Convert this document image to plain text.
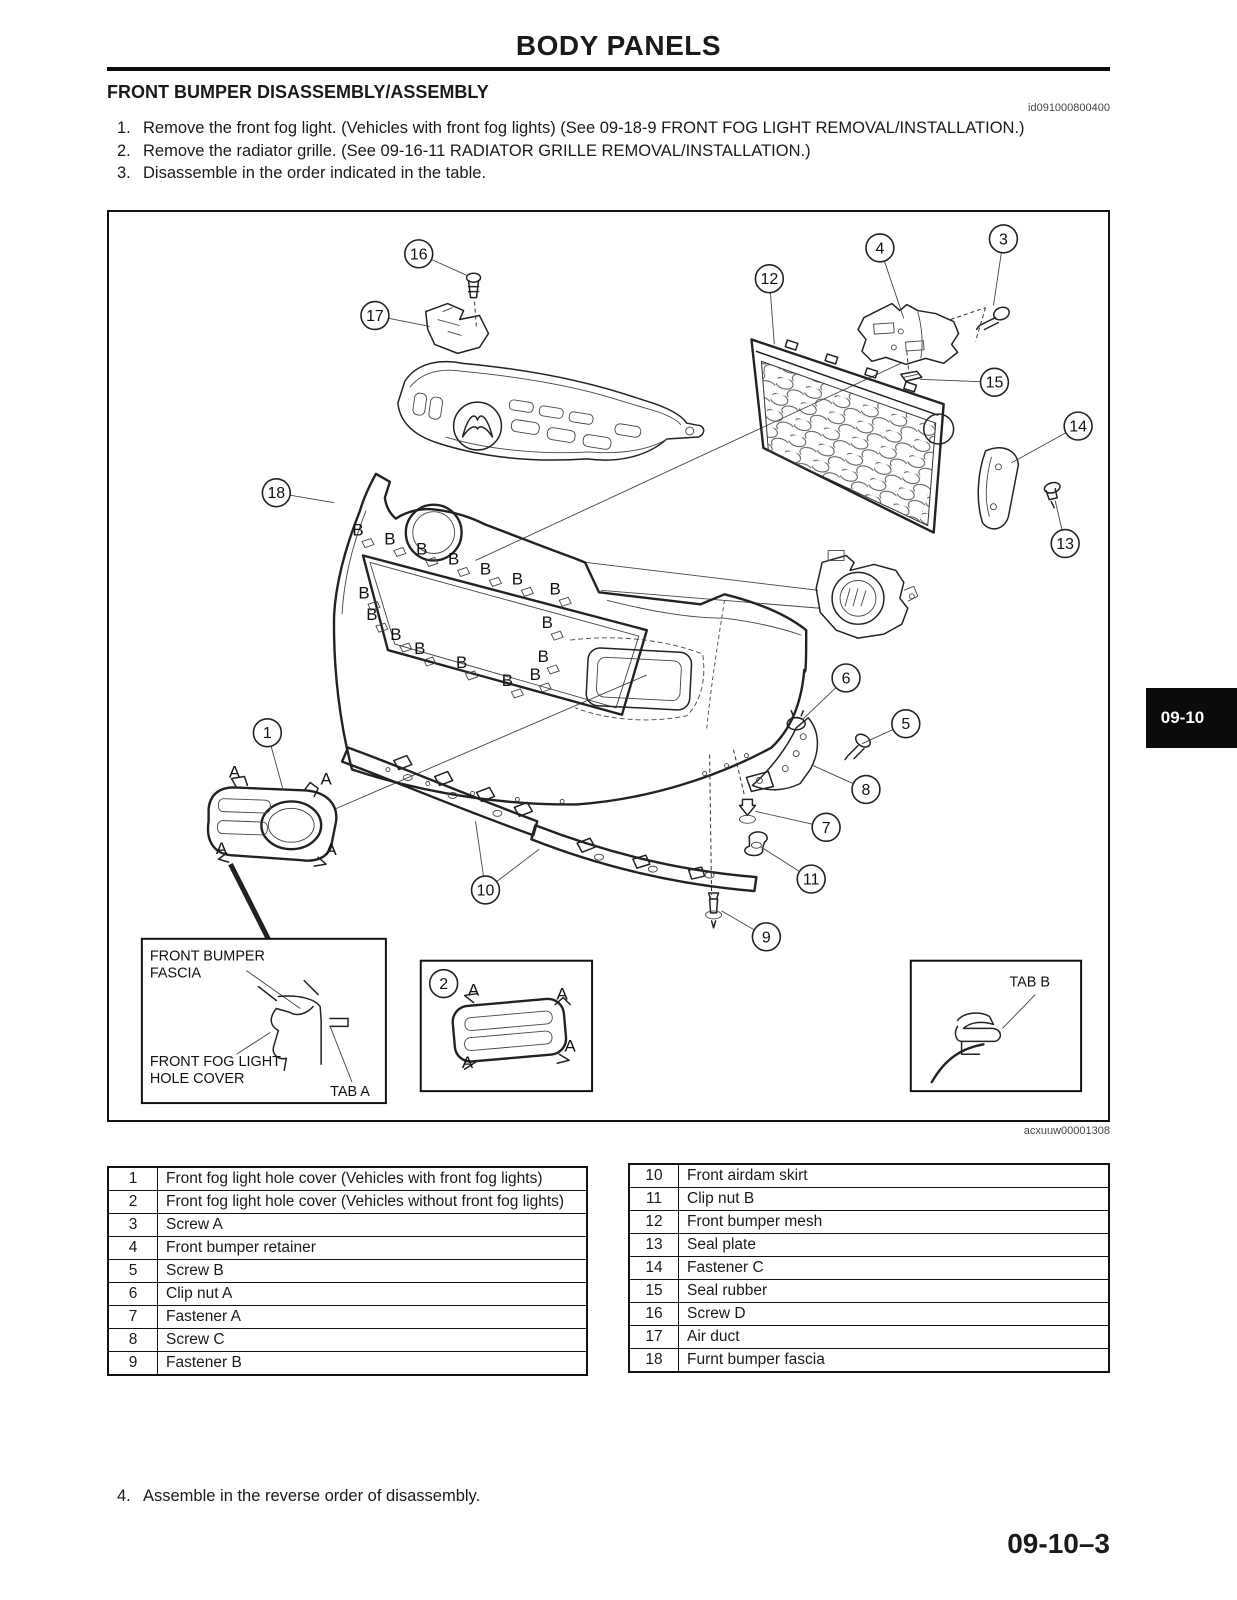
BODY PANELS
FRONT BUMPER DISASSEMBLY/ASSEMBLY
id091000800400
1. Remove the front fog light. (Vehicles with front fog lights) (See 09-18-9 FRONT FOG LIGHT REMOVAL/INSTALLATION.)
2. Remove the radiator grille. (See 09-16-11 RADIATOR GRILLE REMOVAL/INSTALLATION.)
3. Disassemble in the order indicated in the table.
FRONT BUMPER
FASCIA
FRONT FOG LIGHT
HOLE COVER
TAB A
TAB B
B B
B
B
B
B
B
B
B
B
B
B
B B
B
B
A	A
A	A
A	A
A
A
16
17
18
12
4
3
15
14
13
6
5
8
7
11
9
10
1
2
acxuuw00001308
09-10
1	Front fog light hole cover (Vehicles with front fog lights)
2	Front fog light hole cover (Vehicles without front fog lights)
3	Screw A
4	Front bumper retainer
5	Screw B
6	Clip nut A
7	Fastener A
8	Screw C
9	Fastener B
10	Front airdam skirt
11	Clip nut B
12	Front bumper mesh
13	Seal plate
14	Fastener C
15	Seal rubber
16	Screw D
17	Air duct
18	Furnt bumper fascia
4. Assemble in the reverse order of disassembly.
09-10–3
